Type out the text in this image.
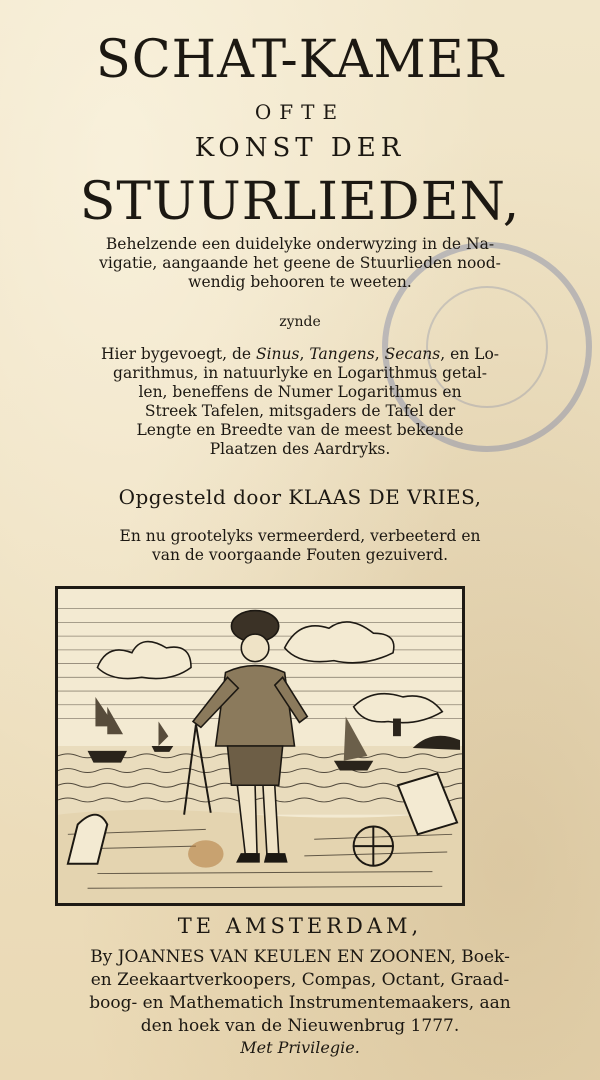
SCHAT-KAMER
OFTE
KONST DER
STUURLIEDEN,
Behelzende een duidelyke onderwyzing in de Na-
vigatie, aangaande het geene de Stuurlieden nood-
wendig behooren te weeten.
zynde
Hier bygevoegt, de Sinus, Tangens, Secans, en Lo-
garithmus, in natuurlyke en Logarithmus getal-
len, beneffens de Numer Logarithmus en
Streek Tafelen, mitsgaders de Tafel der
Lengte en Breedte van de meest bekende
Plaatzen des Aardryks.
Opgesteld door KLAAS DE VRIES,
En nu grootelyks vermeerderd, verbeeterd en
van de voorgaande Fouten gezuiverd.
TE AMSTERDAM,
By JOANNES VAN KEULEN EN ZOONEN, Boek-
en Zeekaartverkoopers, Compas, Octant, Graad-
boog- en Mathematich Instrumentemaakers, aan
den hoek van de Nieuwenbrug 1777.
Met Privilegie.
